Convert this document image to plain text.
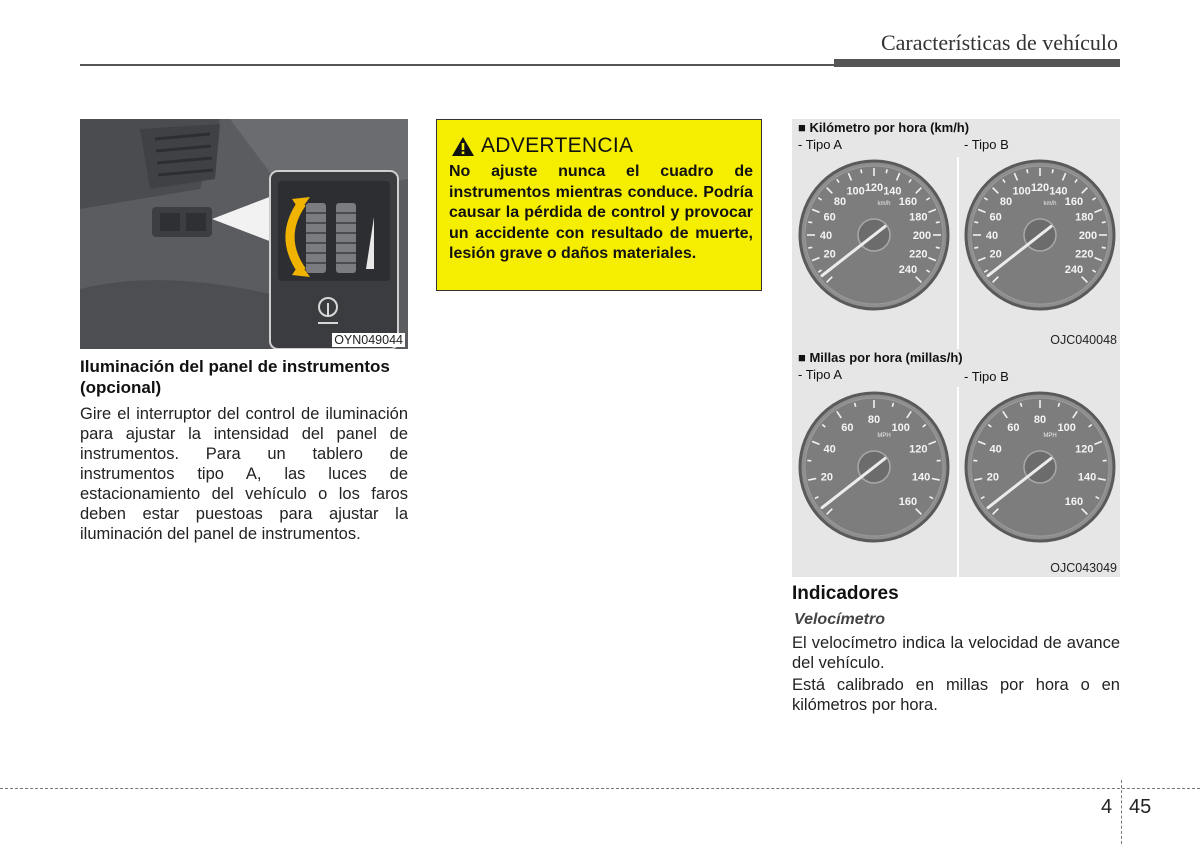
Características de vehículo
OYN049044
Iluminación del panel de instrumentos (opcional)
Gire el interruptor del control de iluminación para ajustar la intensidad del panel de instrumentos. Para un tablero de instrumentos tipo A, las luces de estacionamiento del vehículo o los faros deben estar puestoas para ajustar la iluminación del panel de instrumentos.
ADVERTENCIA
No ajuste nunca el cuadro de instrumentos mientras conduce. Podría causar la pérdida de control y provocar un accidente con resultado de muerte, lesión grave o daños materiales.
■ Kilómetro por hora (km/h)
- Tipo A	- Tipo B
20
40
60
80
100 120 140
160
180
200
220
240
km/h
20
40
60
80
100 120 140
160
180
200
220
240
km/h
OJC040048
■ Millas por hora (millas/h)
- Tipo A	- Tipo B
20
40
60
80
100
120
140
160
MPH
20
40
60
80
100
120
140
160
MPH
OJC043049
Indicadores
Velocímetro
El velocímetro indica la velocidad de avance del vehículo.
Está calibrado en millas por hora o en kilómetros por hora.
4 45
